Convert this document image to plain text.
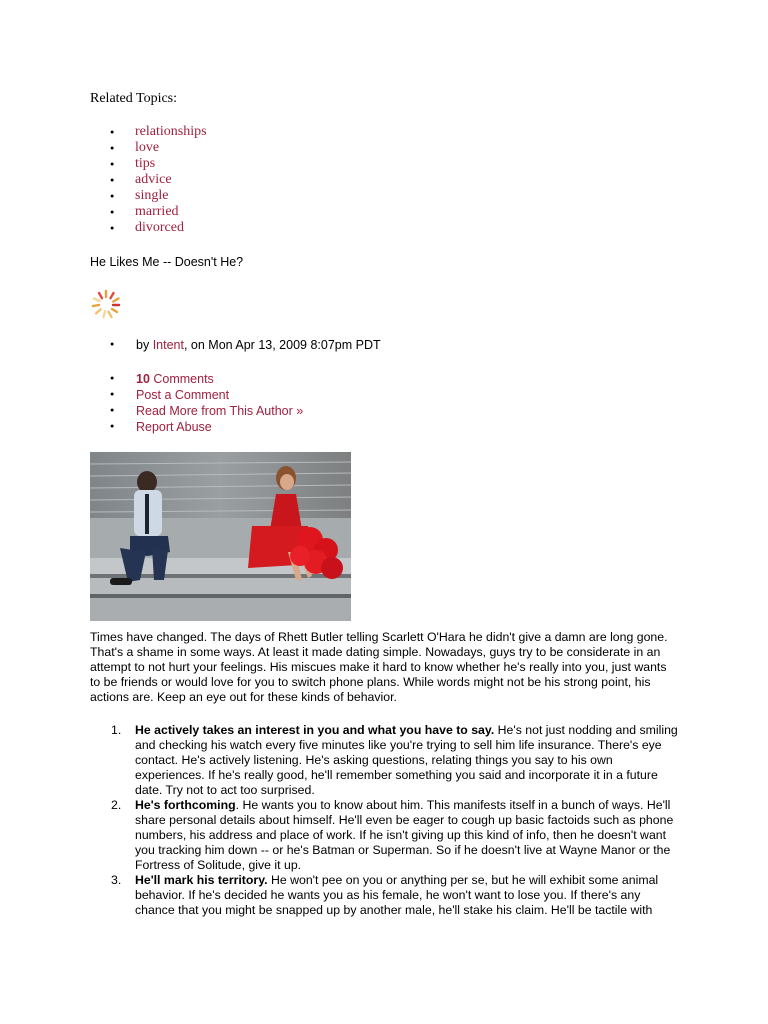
Related Topics:
● relationships
● love
● tips
● advice
● single
● married
● divorced
He Likes Me -- Doesn't He?
● by Intent, on Mon Apr 13, 2009 8:07pm PDT
● 10 Comments
● Post a Comment
● Read More from This Author »
● Report Abuse

Times have changed. The days of Rhett Butler telling Scarlett O'Hara he didn't give a damn are long gone. That's a shame in some ways. At least it made dating simple. Nowadays, guys try to be considerate in an attempt to not hurt your feelings. His miscues make it hard to know whether he's really into you, just wants to be friends or would love for you to switch phone plans. While words might not be his strong point, his actions are. Keep an eye out for these kinds of behavior.

1. He actively takes an interest in you and what you have to say. He's not just nodding and smiling and checking his watch every five minutes like you're trying to sell him life insurance. There's eye contact. He's actively listening. He's asking questions, relating things you say to his own experiences. If he's really good, he'll remember something you said and incorporate it in a future date. Try not to act too surprised.
2. He's forthcoming. He wants you to know about him. This manifests itself in a bunch of ways. He'll share personal details about himself. He'll even be eager to cough up basic factoids such as phone numbers, his address and place of work. If he isn't giving up this kind of info, then he doesn't want you tracking him down -- or he's Batman or Superman. So if he doesn't live at Wayne Manor or the Fortress of Solitude, give it up.
3. He'll mark his territory. He won't pee on you or anything per se, but he will exhibit some animal behavior. If he's decided he wants you as his female, he won't want to lose you. If there's any chance that you might be snapped up by another male, he'll stake his claim. He'll be tactile with
